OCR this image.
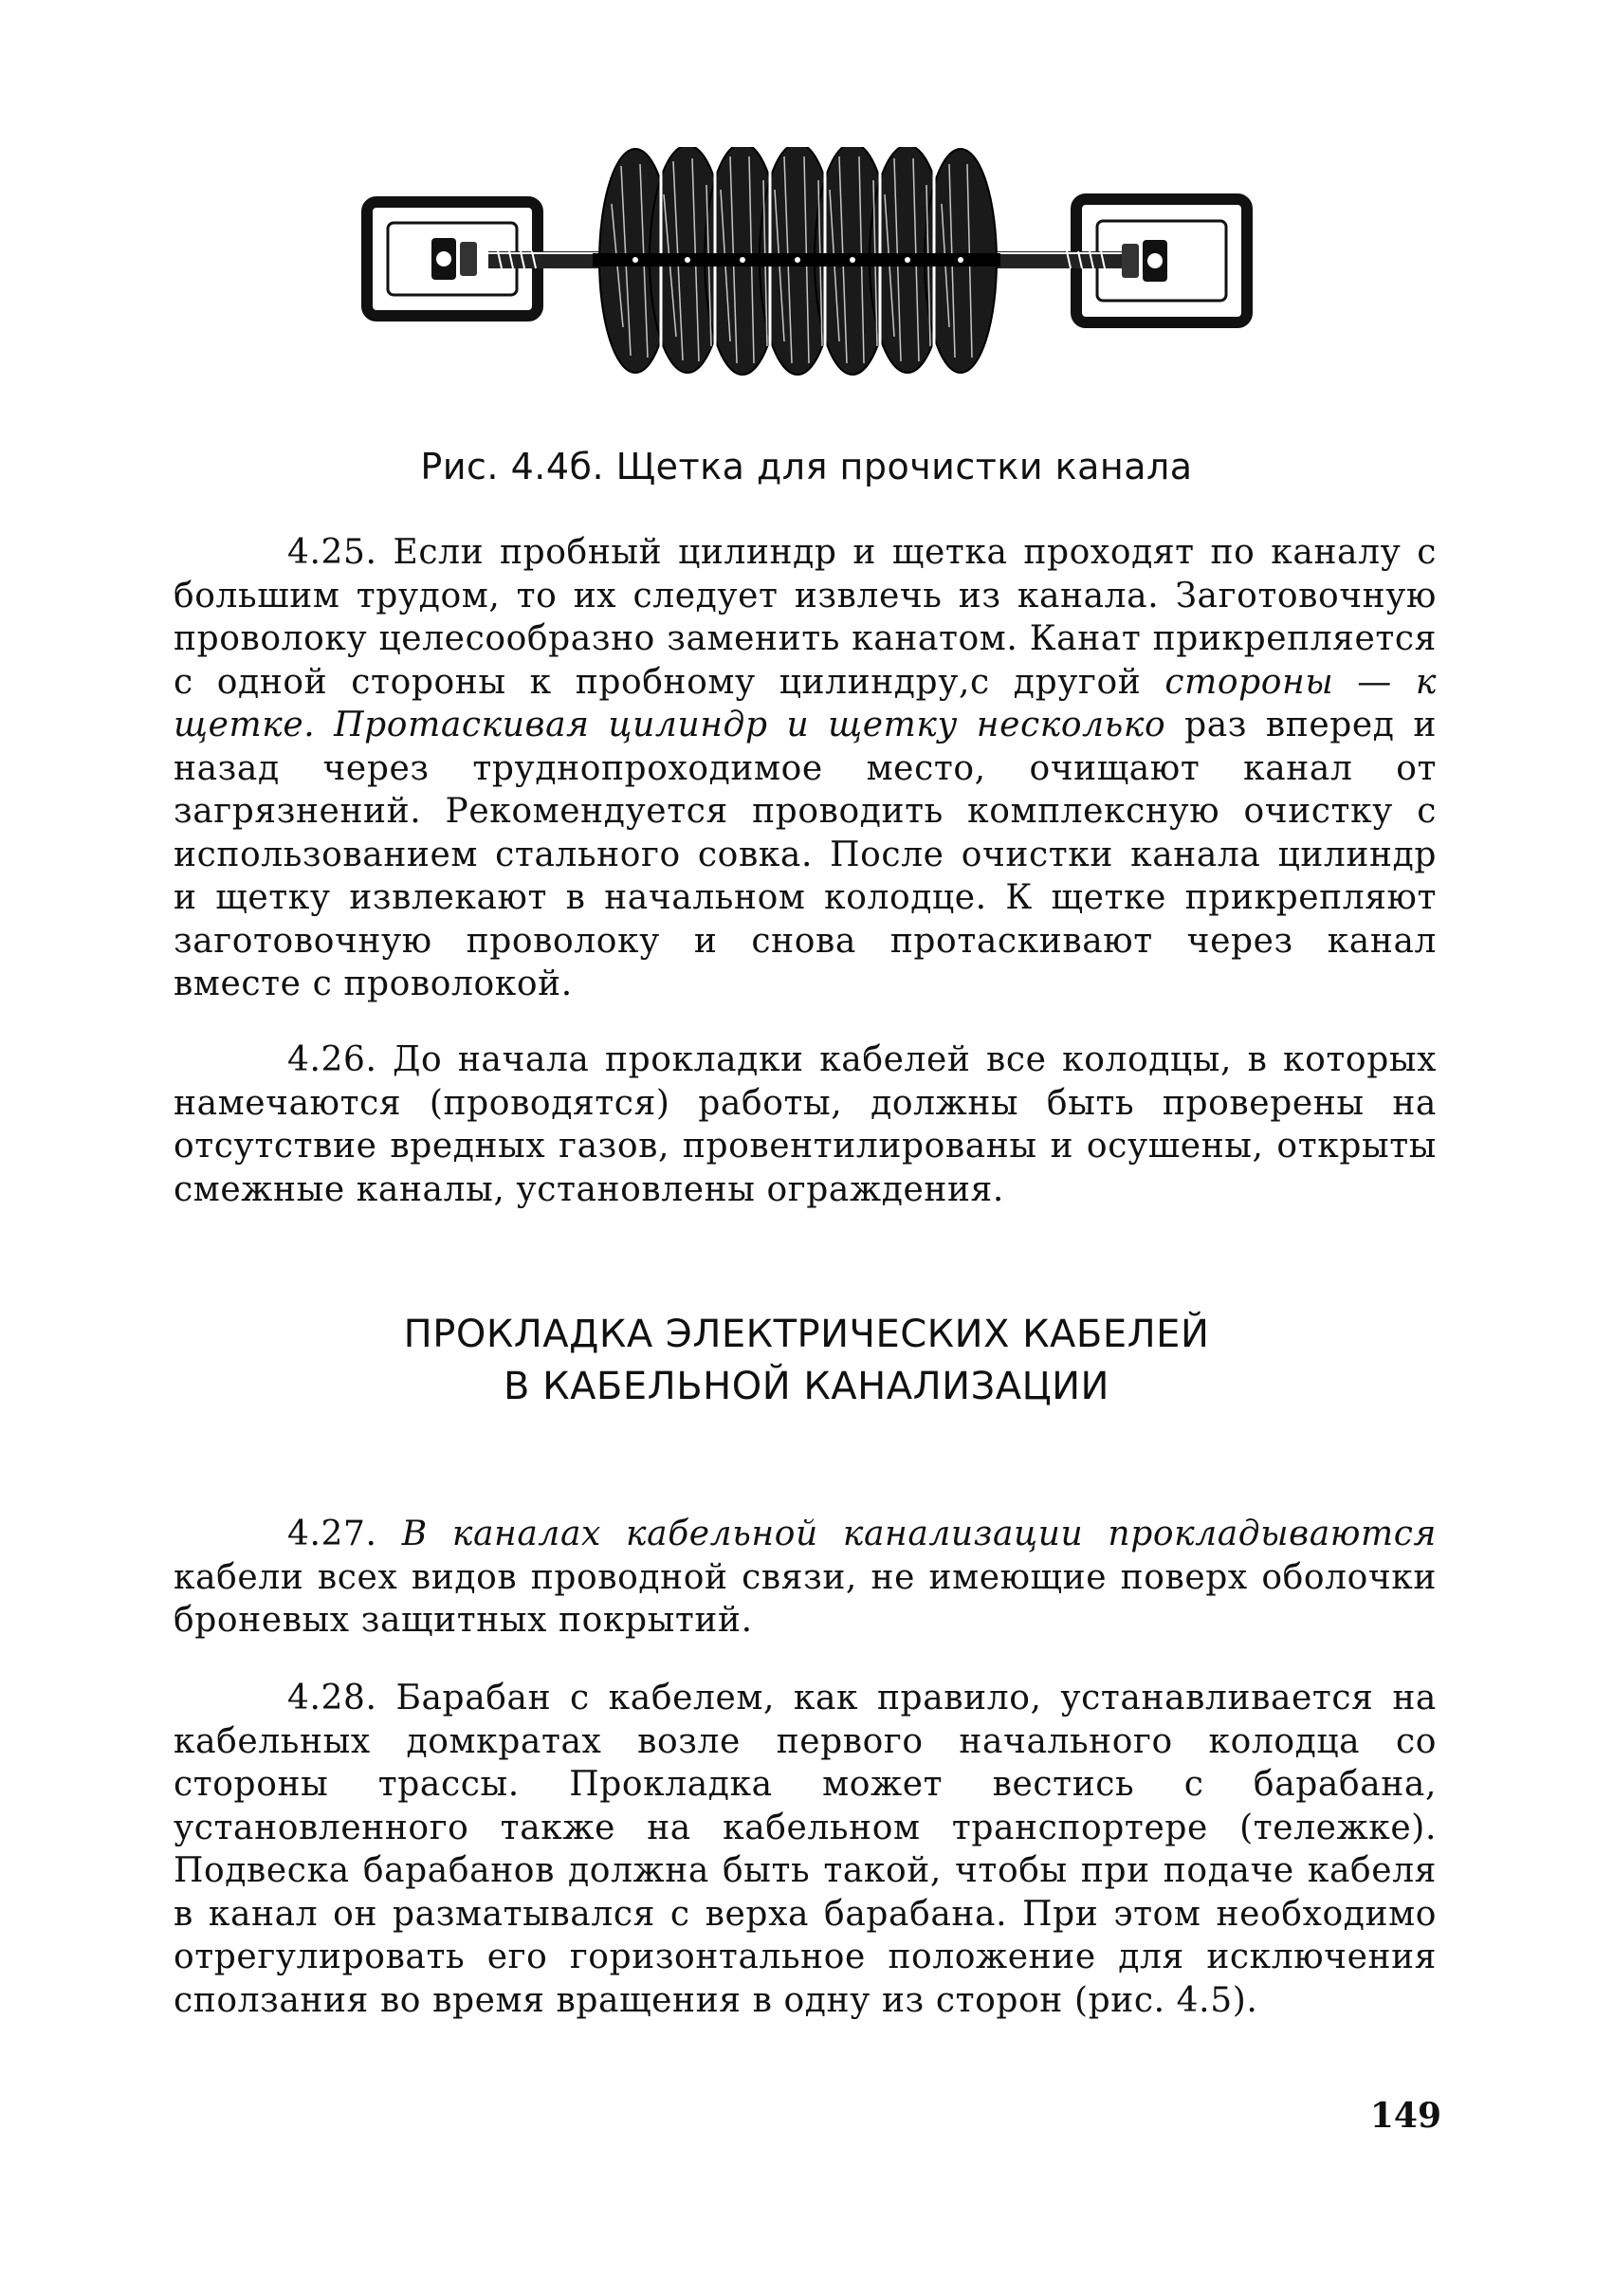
Рис. 4.4б. Щетка для прочистки канала

4.25. Если пробный цилиндр и щетка проходят по каналу с большим трудом, то их следует извлечь из канала. Заготовочную проволоку целесообразно заменить канатом. Канат прикрепляется с одной стороны к пробному цилиндру,с другой стороны — к щетке. Протаскивая цилиндр и щетку несколько раз вперед и назад через труднопроходимое место, очищают канал от загрязнений. Рекомендуется проводить комплексную очистку с использованием стального совка. После очистки канала цилиндр и щетку извлекают в начальном колодце. К щетке прикрепляют заготовочную проволоку и снова протаскивают через канал вместе с проволокой.

4.26. До начала прокладки кабелей все колодцы, в которых намечаются (проводятся) работы, должны быть проверены на отсутствие вредных газов, провентилированы и осушены, открыты смежные каналы, установлены ограждения.

ПРОКЛАДКА ЭЛЕКТРИЧЕСКИХ КАБЕЛЕЙ
В КАБЕЛЬНОЙ КАНАЛИЗАЦИИ

4.27. В каналах кабельной канализации прокладываются кабели всех видов проводной связи, не имеющие поверх оболочки броневых защитных покрытий.

4.28. Барабан с кабелем, как правило, устанавливается на кабельных домкратах возле первого начального колодца со стороны трассы. Прокладка может вестись с барабана, установленного также на кабельном транспортере (тележке). Подвеска барабанов должна быть такой, чтобы при подаче кабеля в канал он разматывался с верха барабана. При этом необходимо отрегулировать его горизонтальное положение для исключения сползания во время вращения в одну из сторон (рис. 4.5).

149
